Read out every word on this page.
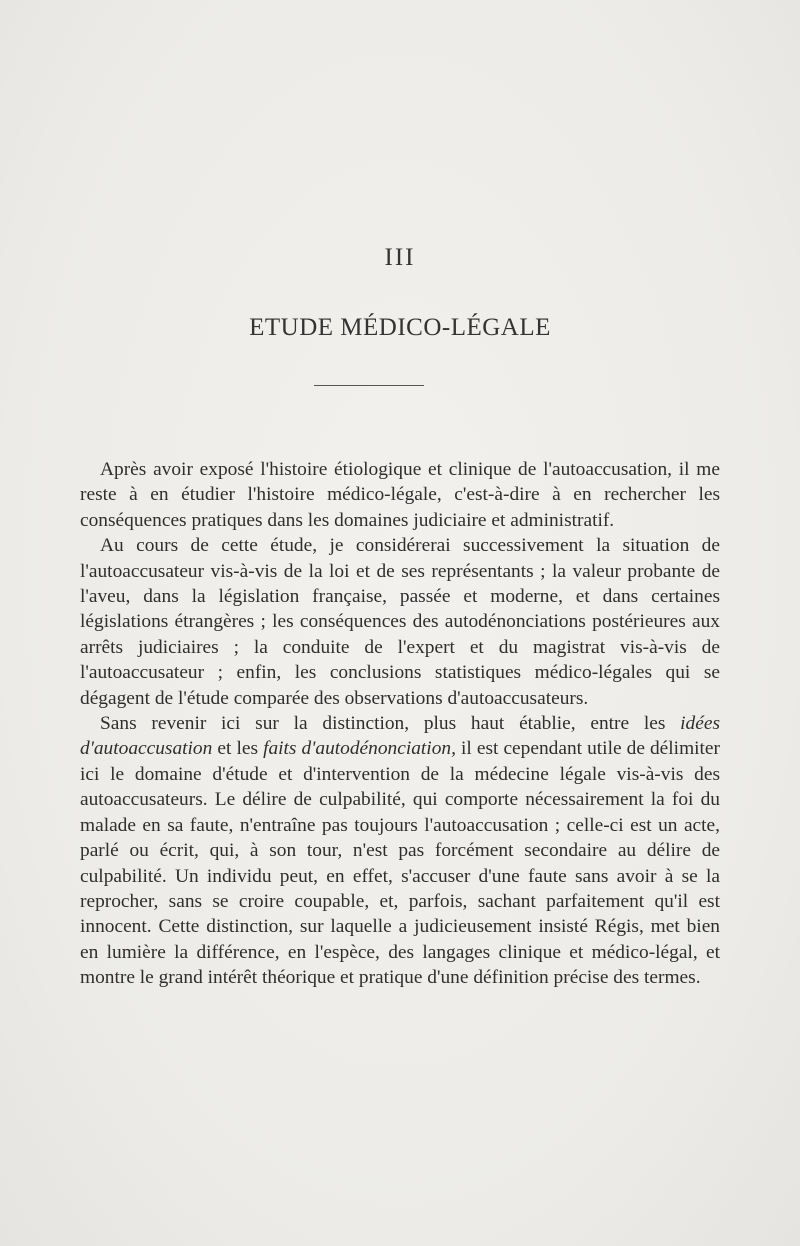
III
ETUDE MÉDICO-LÉGALE

Après avoir exposé l'histoire étiologique et clinique de l'autoaccusation, il me reste à en étudier l'histoire médico-légale, c'est-à-dire à en rechercher les conséquences pratiques dans les domaines judiciaire et administratif.

Au cours de cette étude, je considérerai successivement la situation de l'autoaccusateur vis-à-vis de la loi et de ses représentants ; la valeur probante de l'aveu, dans la législation française, passée et moderne, et dans certaines législations étrangères ; les conséquences des autodénonciations postérieures aux arrêts judiciaires ; la conduite de l'expert et du magistrat vis-à-vis de l'autoaccusateur ; enfin, les conclusions statistiques médico-légales qui se dégagent de l'étude comparée des observations d'autoaccusateurs.

Sans revenir ici sur la distinction, plus haut établie, entre les idées d'autoaccusation et les faits d'autodénonciation, il est cependant utile de délimiter ici le domaine d'étude et d'intervention de la médecine légale vis-à-vis des autoaccusateurs. Le délire de culpabilité, qui comporte nécessairement la foi du malade en sa faute, n'entraîne pas toujours l'autoaccusation ; celle-ci est un acte, parlé ou écrit, qui, à son tour, n'est pas forcément secondaire au délire de culpabilité. Un individu peut, en effet, s'accuser d'une faute sans avoir à se la reprocher, sans se croire coupable, et, parfois, sachant parfaitement qu'il est innocent. Cette distinction, sur laquelle a judicieusement insisté Régis, met bien en lumière la différence, en l'espèce, des langages clinique et médico-légal, et montre le grand intérêt théorique et pratique d'une définition précise des termes.
